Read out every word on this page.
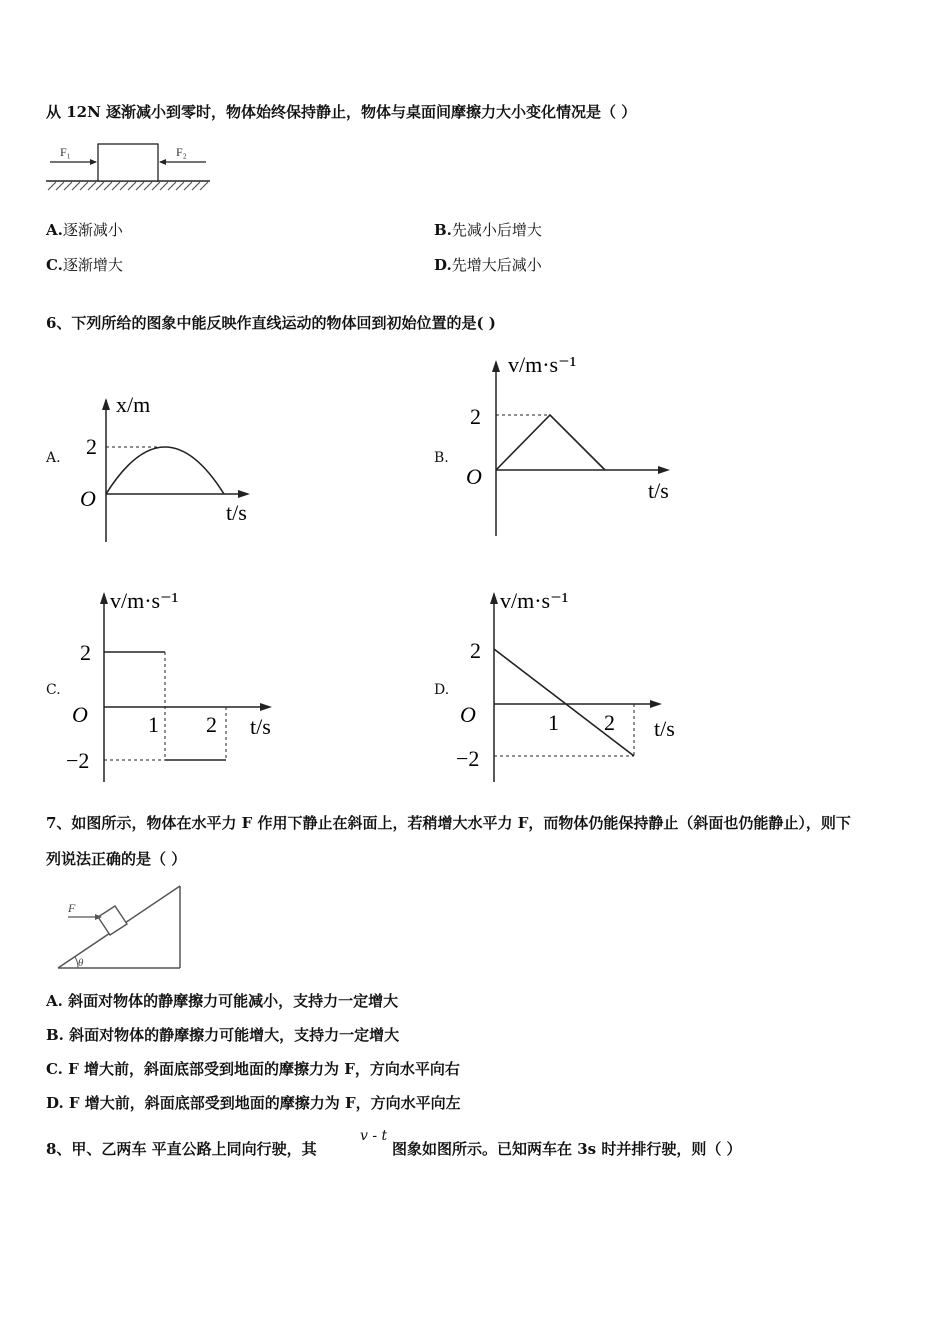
从 12N 逐渐减小到零时，物体始终保持静止，物体与桌面间摩擦力大小变化情况是（ ）
F₁	F₂
A.逐渐减小	B.先减小后增大
C.逐渐增大	D.先增大后减小
6、下列所给的图象中能反映作直线运动的物体回到初始位置的是( )
A. 2
O
x/m
t/s
B.
2
O
v/m·s⁻¹
t/s
C.
2
−2
O	1 2
v/m·s⁻¹
t/s
D.
2
−2
O	1 2
v/m·s⁻¹
t/s
7、如图所示，物体在水平力 F 作用下静止在斜面上，若稍增大水平力 F，而物体仍能保持静止（斜面也仍能静止），则下
列说法正确的是（ ）
F
θ
A. 斜面对物体的静摩擦力可能减小，支持力一定增大
B. 斜面对物体的静摩擦力可能增大，支持力一定增大
C. F 增大前，斜面底部受到地面的摩擦力为 F，方向水平向右
D. F 增大前，斜面底部受到地面的摩擦力为 F，方向水平向左
8、甲、乙两车 平直公路上同向行驶，其
v - t
图象如图所示。已知两车在 3s 时并排行驶，则（ ）
